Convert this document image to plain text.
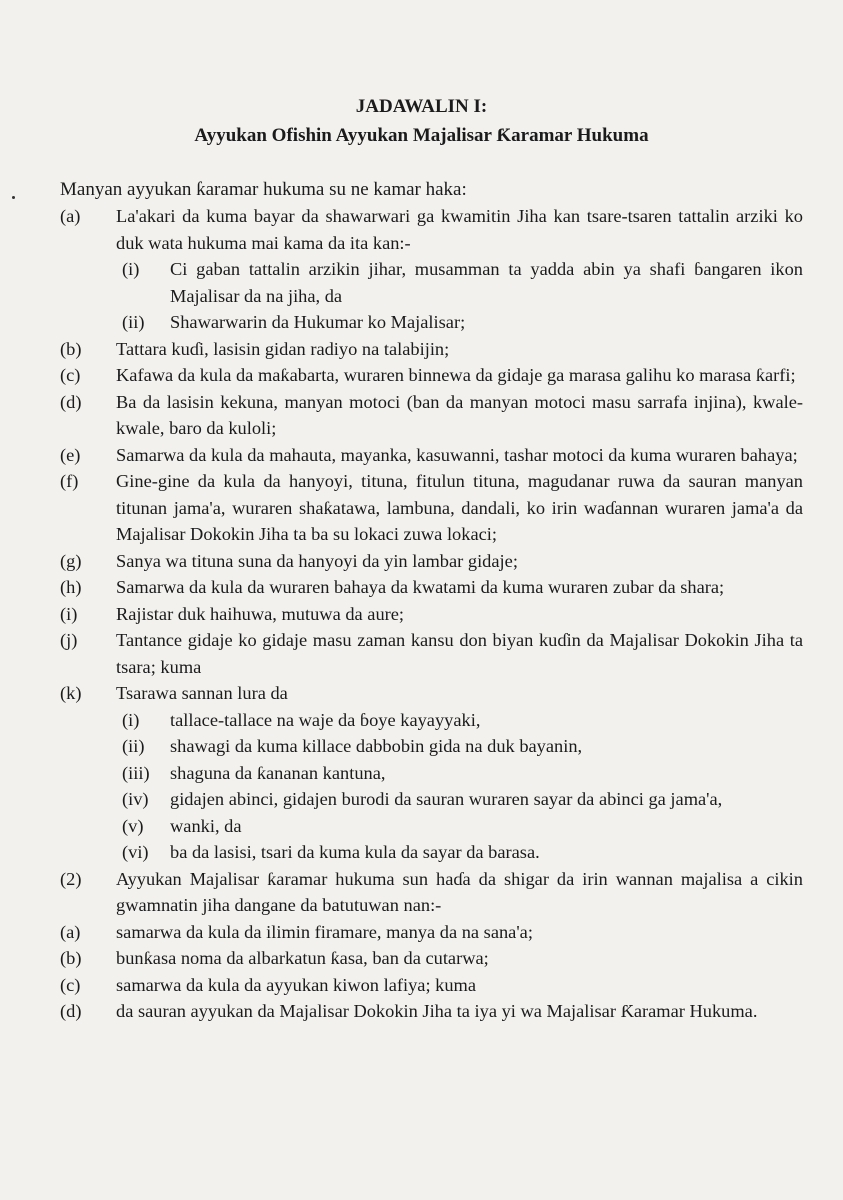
JADAWALIN I:
Ayyukan Ofishin Ayyukan Majalisar Ƙaramar Hukuma
Manyan ayyukan ƙaramar hukuma su ne kamar haka:
(a) La'akari da kuma bayar da shawarwari ga kwamitin Jiha kan tsare-tsaren tattalin arziki ko duk wata hukuma mai kama da ita kan:-
(i) Ci gaban tattalin arzikin jihar, musamman ta yadda abin ya shafi ɓangaren ikon Majalisar da na jiha, da
(ii) Shawarwarin da Hukumar ko Majalisar;
(b) Tattara kuɗi, lasisin gidan radiyo na talabijin;
(c) Kafawa da kula da maƙabarta, wuraren binnewa da gidaje ga marasa galihu ko marasa ƙarfi;
(d) Ba da lasisin kekuna, manyan motoci (ban da manyan motoci masu sarrafa injina), kwale-kwale, baro da kuloli;
(e) Samarwa da kula da mahauta, mayanka, kasuwanni, tashar motoci da kuma wuraren bahaya;
(f) Gine-gine da kula da hanyoyi, tituna, fitulun tituna, magudanar ruwa da sauran manyan titunan jama'a, wuraren shaƙatawa, lambuna, dandali, ko irin waɗannan wuraren jama'a da Majalisar Dokokin Jiha ta ba su lokaci zuwa lokaci;
(g) Sanya wa tituna suna da hanyoyi da yin lambar gidaje;
(h) Samarwa da kula da wuraren bahaya da kwatami da kuma wuraren zubar da shara;
(i) Rajistar duk haihuwa, mutuwa da aure;
(j) Tantance gidaje ko gidaje masu zaman kansu don biyan kuɗin da Majalisar Dokokin Jiha ta tsara; kuma
(k) Tsarawa sannan lura da
(i) tallace-tallace na waje da ɓoye kayayyaki,
(ii) shawagi da kuma killace dabbobin gida na duk bayanin,
(iii) shaguna da ƙananan kantuna,
(iv) gidajen abinci, gidajen burodi da sauran wuraren sayar da abinci ga jama'a,
(v) wanki, da
(vi) ba da lasisi, tsari da kuma kula da sayar da barasa.
(2) Ayyukan Majalisar ƙaramar hukuma sun haɗa da shigar da irin wannan majalisa a cikin gwamnatin jiha dangane da batutuwan nan:-
(a) samarwa da kula da ilimin firamare, manya da na sana'a;
(b) bunƙasa noma da albarkatun ƙasa, ban da cutarwa;
(c) samarwa da kula da ayyukan kiwon lafiya; kuma
(d) da sauran ayyukan da Majalisar Dokokin Jiha ta iya yi wa Majalisar Ƙaramar Hukuma.
